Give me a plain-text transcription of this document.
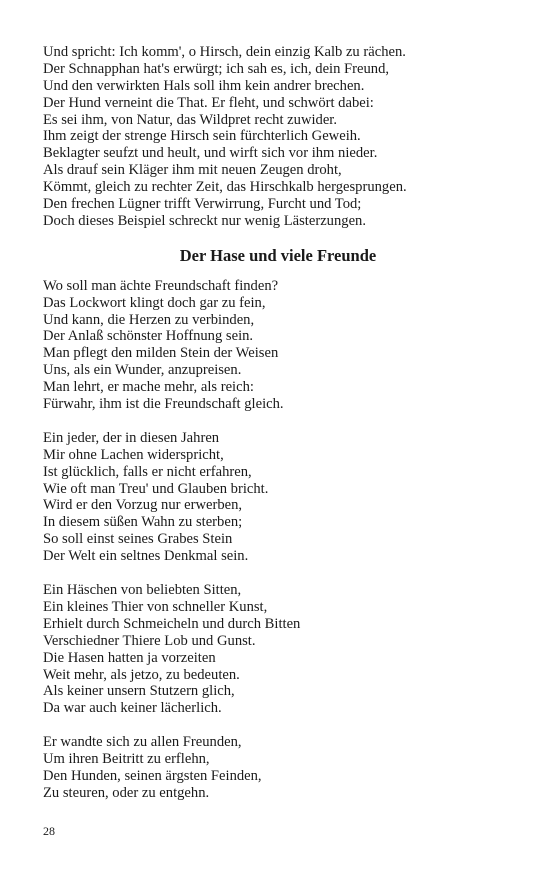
Und spricht: Ich komm', o Hirsch, dein einzig Kalb zu rächen.
Der Schnapphan hat's erwürgt; ich sah es, ich, dein Freund,
Und den verwirkten Hals soll ihm kein andrer brechen.
Der Hund verneint die That. Er fleht, und schwört dabei:
Es sei ihm, von Natur, das Wildpret recht zuwider.
Ihm zeigt der strenge Hirsch sein fürchterlich Geweih.
Beklagter seufzt und heult, und wirft sich vor ihm nieder.
Als drauf sein Kläger ihm mit neuen Zeugen droht,
Kömmt, gleich zu rechter Zeit, das Hirschkalb hergesprungen.
Den frechen Lügner trifft Verwirrung, Furcht und Tod;
Doch dieses Beispiel schreckt nur wenig Lästerzungen.
Der Hase und viele Freunde
Wo soll man ächte Freundschaft finden?
Das Lockwort klingt doch gar zu fein,
Und kann, die Herzen zu verbinden,
Der Anlaß schönster Hoffnung sein.
Man pflegt den milden Stein der Weisen
Uns, als ein Wunder, anzupreisen.
Man lehrt, er mache mehr, als reich:
Fürwahr, ihm ist die Freundschaft gleich.
Ein jeder, der in diesen Jahren
Mir ohne Lachen widerspricht,
Ist glücklich, falls er nicht erfahren,
Wie oft man Treu' und Glauben bricht.
Wird er den Vorzug nur erwerben,
In diesem süßen Wahn zu sterben;
So soll einst seines Grabes Stein
Der Welt ein seltnes Denkmal sein.
Ein Häschen von beliebten Sitten,
Ein kleines Thier von schneller Kunst,
Erhielt durch Schmeicheln und durch Bitten
Verschiedner Thiere Lob und Gunst.
Die Hasen hatten ja vorzeiten
Weit mehr, als jetzo, zu bedeuten.
Als keiner unsern Stutzern glich,
Da war auch keiner lächerlich.
Er wandte sich zu allen Freunden,
Um ihren Beitritt zu erflehn,
Den Hunden, seinen ärgsten Feinden,
Zu steuren, oder zu entgehn.
28
